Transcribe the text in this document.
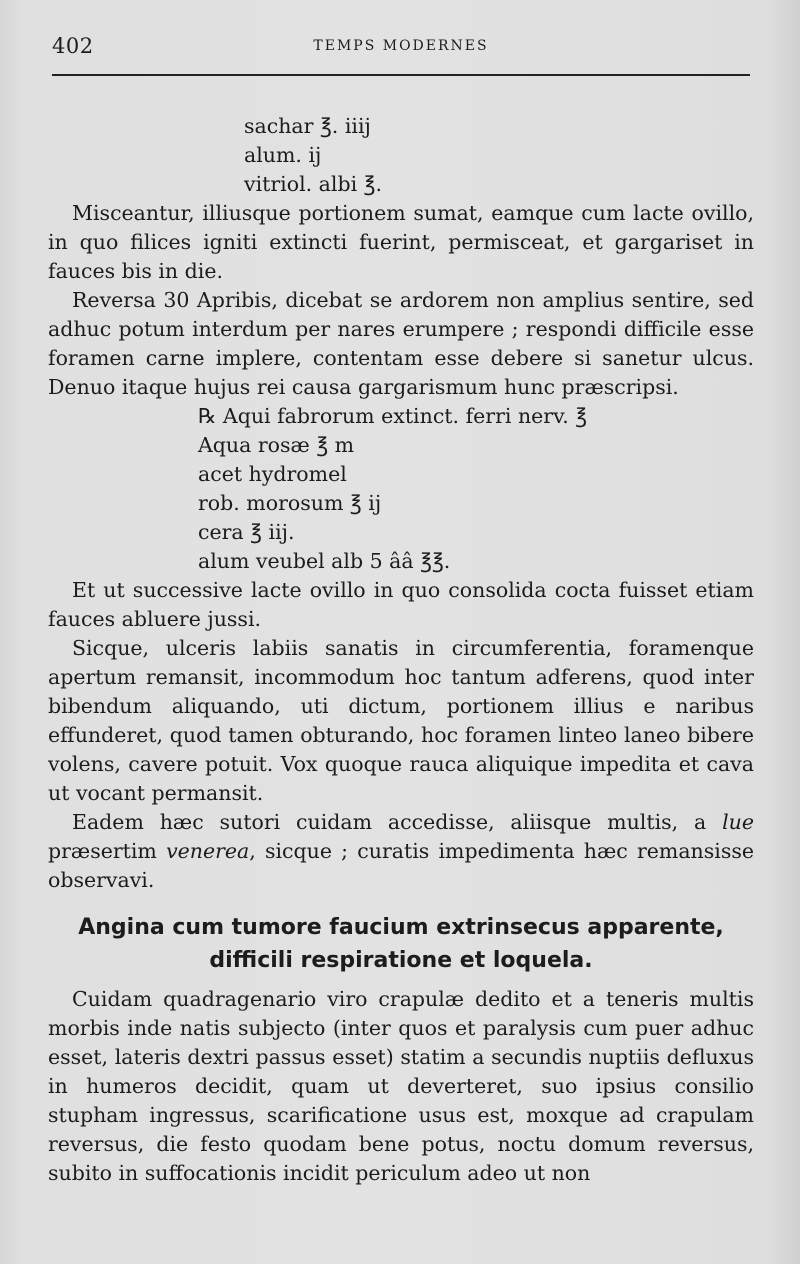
402	TEMPS MODERNES
sachar ℥. iiij
alum. ij
vitriol. albi ℥.

Misceantur, illiusque portionem sumat, eamque cum lacte ovillo, in quo filices igniti extincti fuerint, permisceat, et gargariset in fauces bis in die.

Reversa 30 Apribis, dicebat se ardorem non amplius sentire, sed adhuc potum interdum per nares erumpere ; respondi difficile esse foramen carne implere, contentam esse debere si sanetur ulcus. Denuo itaque hujus rei causa gargarismum hunc præscripsi.

℞ Aqui fabrorum extinct. ferri nerv. ℥
Aqua rosæ ℥ m
acet hydromel
rob. morosum ℥ ij
cera ℥ iij.
alum veubel alb 5 ââ ℥℥.

Et ut successive lacte ovillo in quo consolida cocta fuisset etiam fauces abluere jussi.

Sicque, ulceris labiis sanatis in circumferentia, foramenque apertum remansit, incommodum hoc tantum adferens, quod inter bibendum aliquando, uti dictum, portionem illius e naribus effunderet, quod tamen obturando, hoc foramen linteo laneo bibere volens, cavere potuit. Vox quoque rauca aliquique impedita et cava ut vocant permansit.

Eadem hæc sutori cuidam accedisse, aliisque multis, a lue præsertim venerea, sicque ; curatis impedimenta hæc remansisse observavi.

Angina cum tumore faucium extrinsecus apparente,
difficili respiratione et loquela.

Cuidam quadragenario viro crapulæ dedito et a teneris multis morbis inde natis subjecto (inter quos et paralysis cum puer adhuc esset, lateris dextri passus esset) statim a secundis nuptiis defluxus in humeros decidit, quam ut deverteret, suo ipsius consilio stupham ingressus, scarificatione usus est, moxque ad crapulam reversus, die festo quodam bene potus, noctu domum reversus, subito in suffocationis incidit periculum adeo ut non
